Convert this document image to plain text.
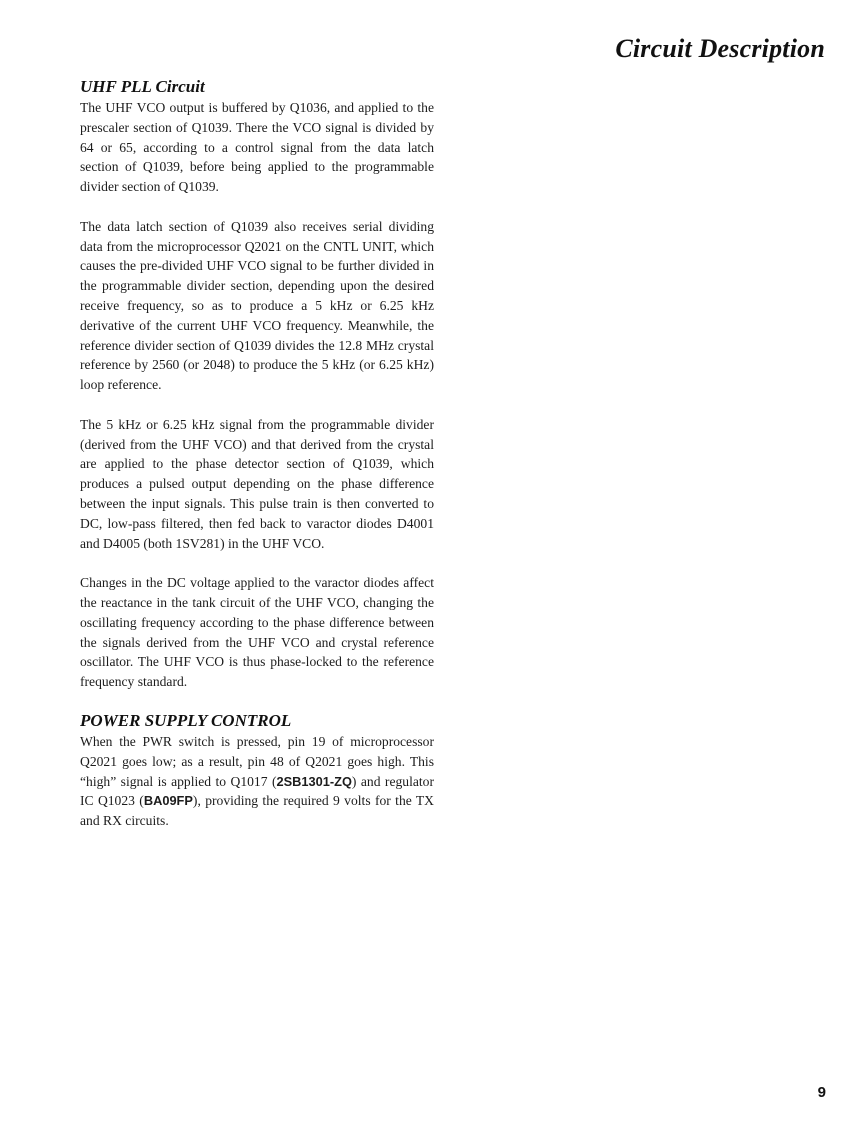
Circuit Description
UHF PLL Circuit

The UHF VCO output is buffered by Q1036, and applied to the prescaler section of Q1039. There the VCO signal is divided by 64 or 65, according to a control signal from the data latch section of Q1039, before being applied to the programmable divider section of Q1039.

The data latch section of Q1039 also receives serial dividing data from the microprocessor Q2021 on the CNTL UNIT, which causes the pre-divided UHF VCO signal to be further divided in the programmable divider section, depending upon the desired receive frequency, so as to produce a 5 kHz or 6.25 kHz derivative of the current UHF VCO frequency. Meanwhile, the reference divider section of Q1039 divides the 12.8 MHz crystal reference by 2560 (or 2048) to produce the 5 kHz (or 6.25 kHz) loop reference.

The 5 kHz or 6.25 kHz signal from the programmable divider (derived from the UHF VCO) and that derived from the crystal are applied to the phase detector section of Q1039, which produces a pulsed output depending on the phase difference between the input signals. This pulse train is then converted to DC, low-pass filtered, then fed back to varactor diodes D4001 and D4005 (both 1SV281) in the UHF VCO.

Changes in the DC voltage applied to the varactor diodes affect the reactance in the tank circuit of the UHF VCO, changing the oscillating frequency according to the phase difference between the signals derived from the UHF VCO and crystal reference oscillator. The UHF VCO is thus phase-locked to the reference frequency standard.

POWER SUPPLY CONTROL

When the PWR switch is pressed, pin 19 of microprocessor Q2021 goes low; as a result, pin 48 of Q2021 goes high. This “high” signal is applied to Q1017 (2SB1301-ZQ) and regulator IC Q1023 (BA09FP), providing the required 9 volts for the TX and RX circuits.

9
